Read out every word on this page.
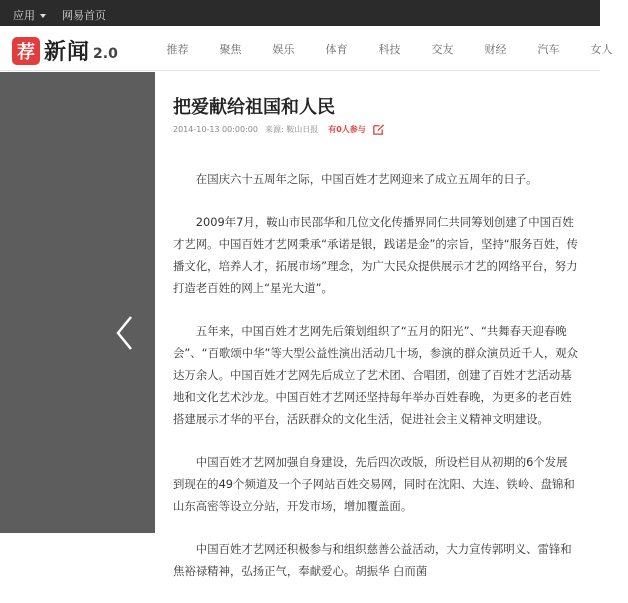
应用 网易首页
荐 新闻 2.0	推荐	聚焦	娱乐	体育	科技	交友	财经	汽车	女人
把爱献给祖国和人民
2014-10-13 00:00:00 来源: 鞍山日报 有0人参与

在国庆六十五周年之际，中国百姓才艺网迎来了成立五周年的日子。

2009年7月，鞍山市民邵华和几位文化传播界同仁共同筹划创建了中国百姓才艺网。中国百姓才艺网秉承“承诺是银，践诺是金”的宗旨，坚持“服务百姓，传播文化，培养人才，拓展市场”理念，为广大民众提供展示才艺的网络平台，努力打造老百姓的网上“星光大道”。

五年来，中国百姓才艺网先后策划组织了“五月的阳光”、“共舞春天迎春晚会”、“百歌颂中华”等大型公益性演出活动几十场，参演的群众演员近千人，观众达万余人。中国百姓才艺网先后成立了艺术团、合唱团，创建了百姓才艺活动基地和文化艺术沙龙。中国百姓才艺网还坚持每年举办百姓春晚，为更多的老百姓搭建展示才华的平台，活跃群众的文化生活，促进社会主义精神文明建设。

中国百姓才艺网加强自身建设，先后四次改版，所设栏目从初期的6个发展到现在的49个频道及一个子网站百姓交易网，同时在沈阳、大连、铁岭、盘锦和山东高密等设立分站，开发市场，增加覆盖面。

中国百姓才艺网还积极参与和组织慈善公益活动，大力宣传郭明义、雷锋和焦裕禄精神，弘扬正气，奉献爱心。胡振华 白而菌
